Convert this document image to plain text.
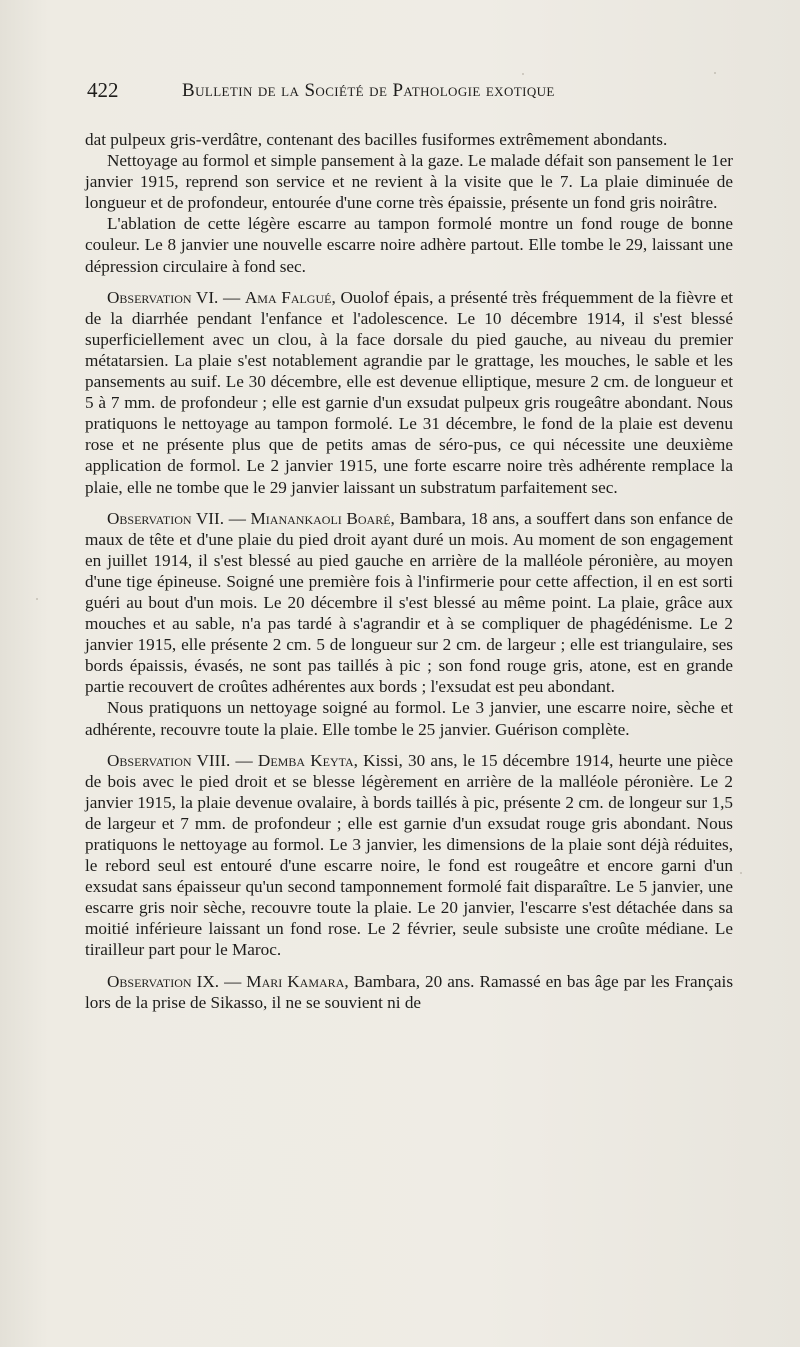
422	Bulletin de la Société de Pathologie exotique

dat pulpeux gris-verdâtre, contenant des bacilles fusiformes extrêmement abondants.

Nettoyage au formol et simple pansement à la gaze. Le malade défait son pansement le 1er janvier 1915, reprend son service et ne revient à la visite que le 7. La plaie diminuée de longueur et de profondeur, entourée d'une corne très épaissie, présente un fond gris noirâtre.

L'ablation de cette légère escarre au tampon formolé montre un fond rouge de bonne couleur. Le 8 janvier une nouvelle escarre noire adhère partout. Elle tombe le 29, laissant une dépression circulaire à fond sec.

Observation VI. — Ama Falgué, Ouolof épais, a présenté très fréquemment de la fièvre et de la diarrhée pendant l'enfance et l'adolescence. Le 10 décembre 1914, il s'est blessé superficiellement avec un clou, à la face dorsale du pied gauche, au niveau du premier métatarsien. La plaie s'est notablement agrandie par le grattage, les mouches, le sable et les pansements au suif. Le 30 décembre, elle est devenue elliptique, mesure 2 cm. de longueur et 5 à 7 mm. de profondeur ; elle est garnie d'un exsudat pulpeux gris rougeâtre abondant. Nous pratiquons le nettoyage au tampon formolé. Le 31 décembre, le fond de la plaie est devenu rose et ne présente plus que de petits amas de séro-pus, ce qui nécessite une deuxième application de formol. Le 2 janvier 1915, une forte escarre noire très adhérente remplace la plaie, elle ne tombe que le 29 janvier laissant un substratum parfaitement sec.

Observation VII. — Mianankaoli Boaré, Bambara, 18 ans, a souffert dans son enfance de maux de tête et d'une plaie du pied droit ayant duré un mois. Au moment de son engagement en juillet 1914, il s'est blessé au pied gauche en arrière de la malléole péronière, au moyen d'une tige épineuse. Soigné une première fois à l'infirmerie pour cette affection, il en est sorti guéri au bout d'un mois. Le 20 décembre il s'est blessé au même point. La plaie, grâce aux mouches et au sable, n'a pas tardé à s'agrandir et à se compliquer de phagédénisme. Le 2 janvier 1915, elle présente 2 cm. 5 de longueur sur 2 cm. de largeur ; elle est triangulaire, ses bords épaissis, évasés, ne sont pas taillés à pic ; son fond rouge gris, atone, est en grande partie recouvert de croûtes adhérentes aux bords ; l'exsudat est peu abondant.

Nous pratiquons un nettoyage soigné au formol. Le 3 janvier, une escarre noire, sèche et adhérente, recouvre toute la plaie. Elle tombe le 25 janvier. Guérison complète.

Observation VIII. — Demba Keyta, Kissi, 30 ans, le 15 décembre 1914, heurte une pièce de bois avec le pied droit et se blesse légèrement en arrière de la malléole péronière. Le 2 janvier 1915, la plaie devenue ovalaire, à bords taillés à pic, présente 2 cm. de longeur sur 1,5 de largeur et 7 mm. de profondeur ; elle est garnie d'un exsudat rouge gris abondant. Nous pratiquons le nettoyage au formol. Le 3 janvier, les dimensions de la plaie sont déjà réduites, le rebord seul est entouré d'une escarre noire, le fond est rougeâtre et encore garni d'un exsudat sans épaisseur qu'un second tamponnement formolé fait disparaître. Le 5 janvier, une escarre gris noir sèche, recouvre toute la plaie. Le 20 janvier, l'escarre s'est détachée dans sa moitié inférieure laissant un fond rose. Le 2 février, seule subsiste une croûte médiane. Le tirailleur part pour le Maroc.

Observation IX. — Mari Kamara, Bambara, 20 ans. Ramassé en bas âge par les Français lors de la prise de Sikasso, il ne se souvient ni de
